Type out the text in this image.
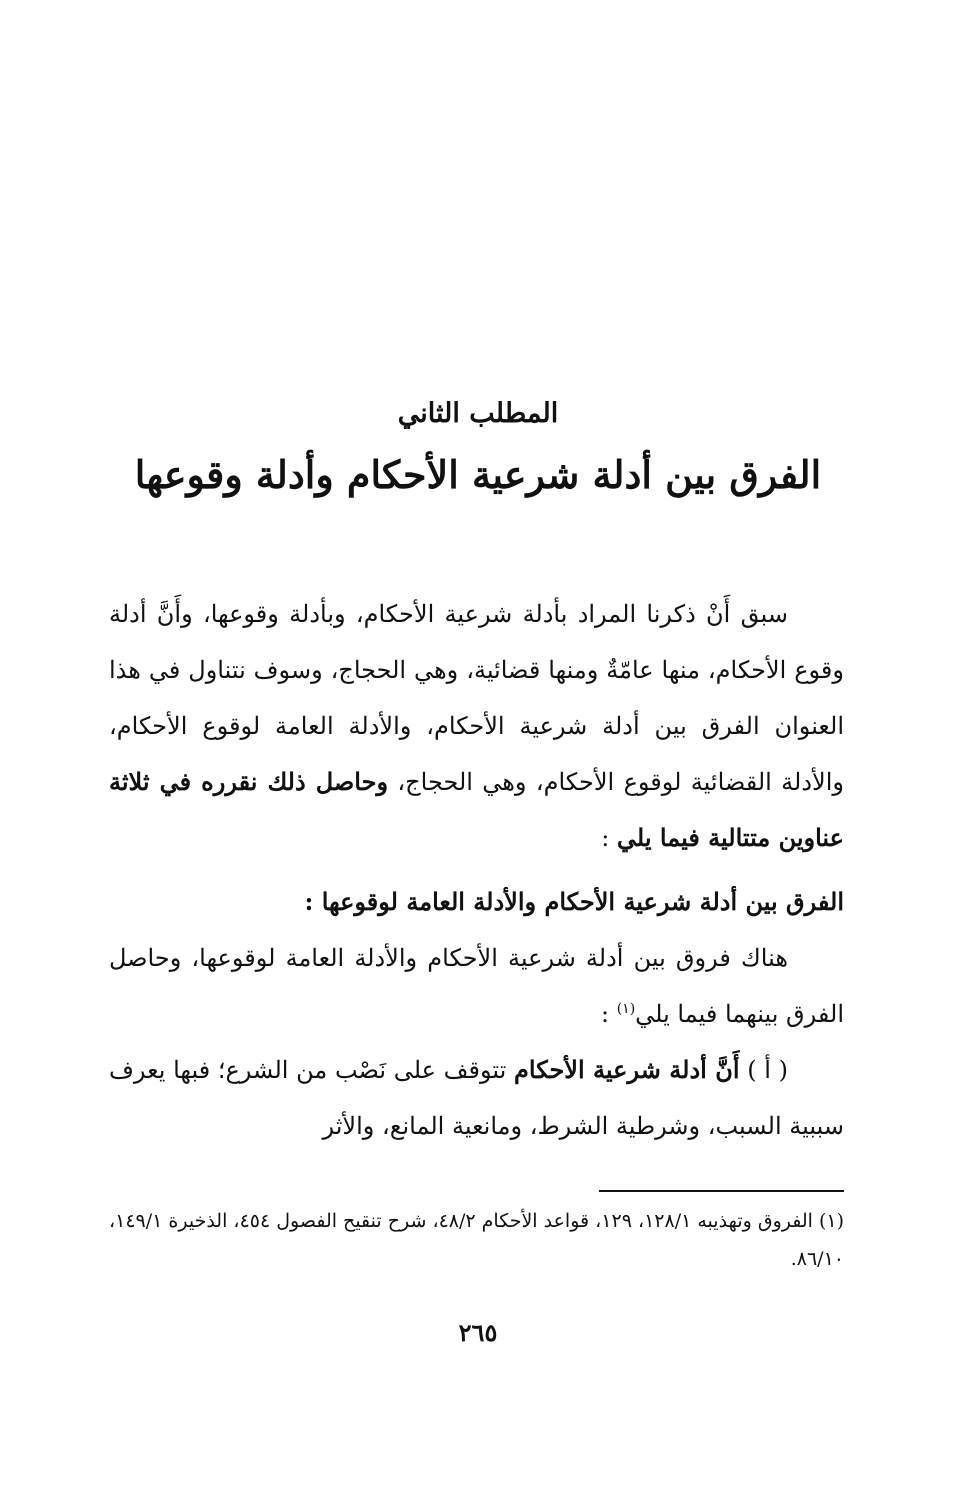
المطلب الثاني
الفرق بين أدلة شرعية الأحكام وأدلة وقوعها

سبق أَنْ ذكرنا المراد بأدلة شرعية الأحكام، وبأدلة وقوعها، وأَنَّ أدلة وقوع الأحكام، منها عامّةٌ ومنها قضائية، وهي الحجاج، وسوف نتناول في هذا العنوان الفرق بين أدلة شرعية الأحكام، والأدلة العامة لوقوع الأحكام، والأدلة القضائية لوقوع الأحكام، وهي الحجاج، وحاصل ذلك نقرره في ثلاثة عناوين متتالية فيما يلي :

الفرق بين أدلة شرعية الأحكام والأدلة العامة لوقوعها :

هناك فروق بين أدلة شرعية الأحكام والأدلة العامة لوقوعها، وحاصل الفرق بينهما فيما يلي$^{(١)}$ :

( أ ) أَنَّ أدلة شرعية الأحكام تتوقف على نَصْب من الشرع؛ فبها يعرف سببية السبب، وشرطية الشرط، ومانعية المانع، والأثر

(١) الفروق وتهذيبه ١٢٨/١، ١٢٩، قواعد الأحكام ٤٨/٢، شرح تنقيح الفصول ٤٥٤، الذخيرة ١٤٩/١، ٨٦/١٠.

٢٦٥
